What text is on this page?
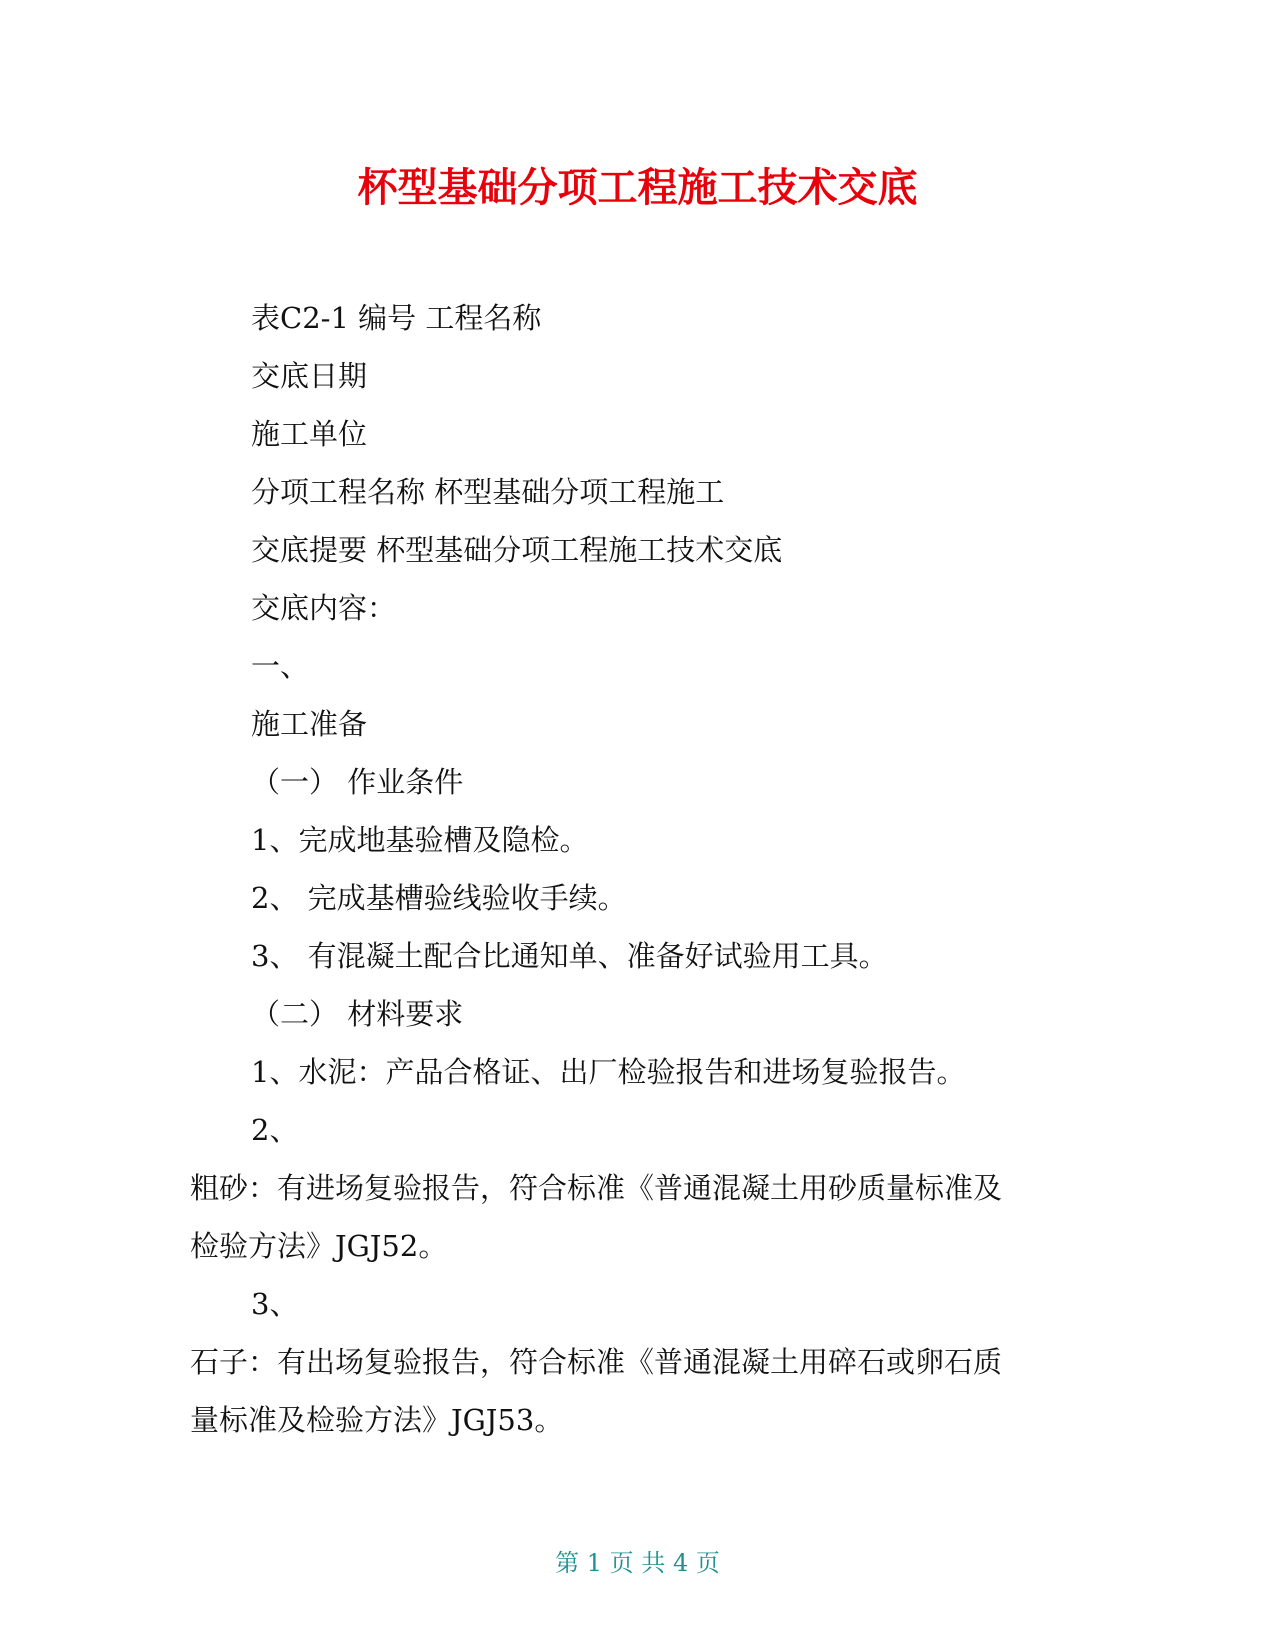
杯型基础分项工程施工技术交底
表C2-1 编号 工程名称
交底日期
施工单位
分项工程名称 杯型基础分项工程施工
交底提要 杯型基础分项工程施工技术交底
交底内容：
一、
施工准备
（一） 作业条件
1、完成地基验槽及隐检。
2、 完成基槽验线验收手续。
3、 有混凝土配合比通知单、准备好试验用工具。
（二） 材料要求
1、水泥：产品合格证、出厂检验报告和进场复验报告。
2、
粗砂：有进场复验报告，符合标准《普通混凝土用砂质量标准及
检验方法》JGJ52。
3、
石子：有出场复验报告，符合标准《普通混凝土用碎石或卵石质
量标准及检验方法》JGJ53。
第 1 页 共 4 页
